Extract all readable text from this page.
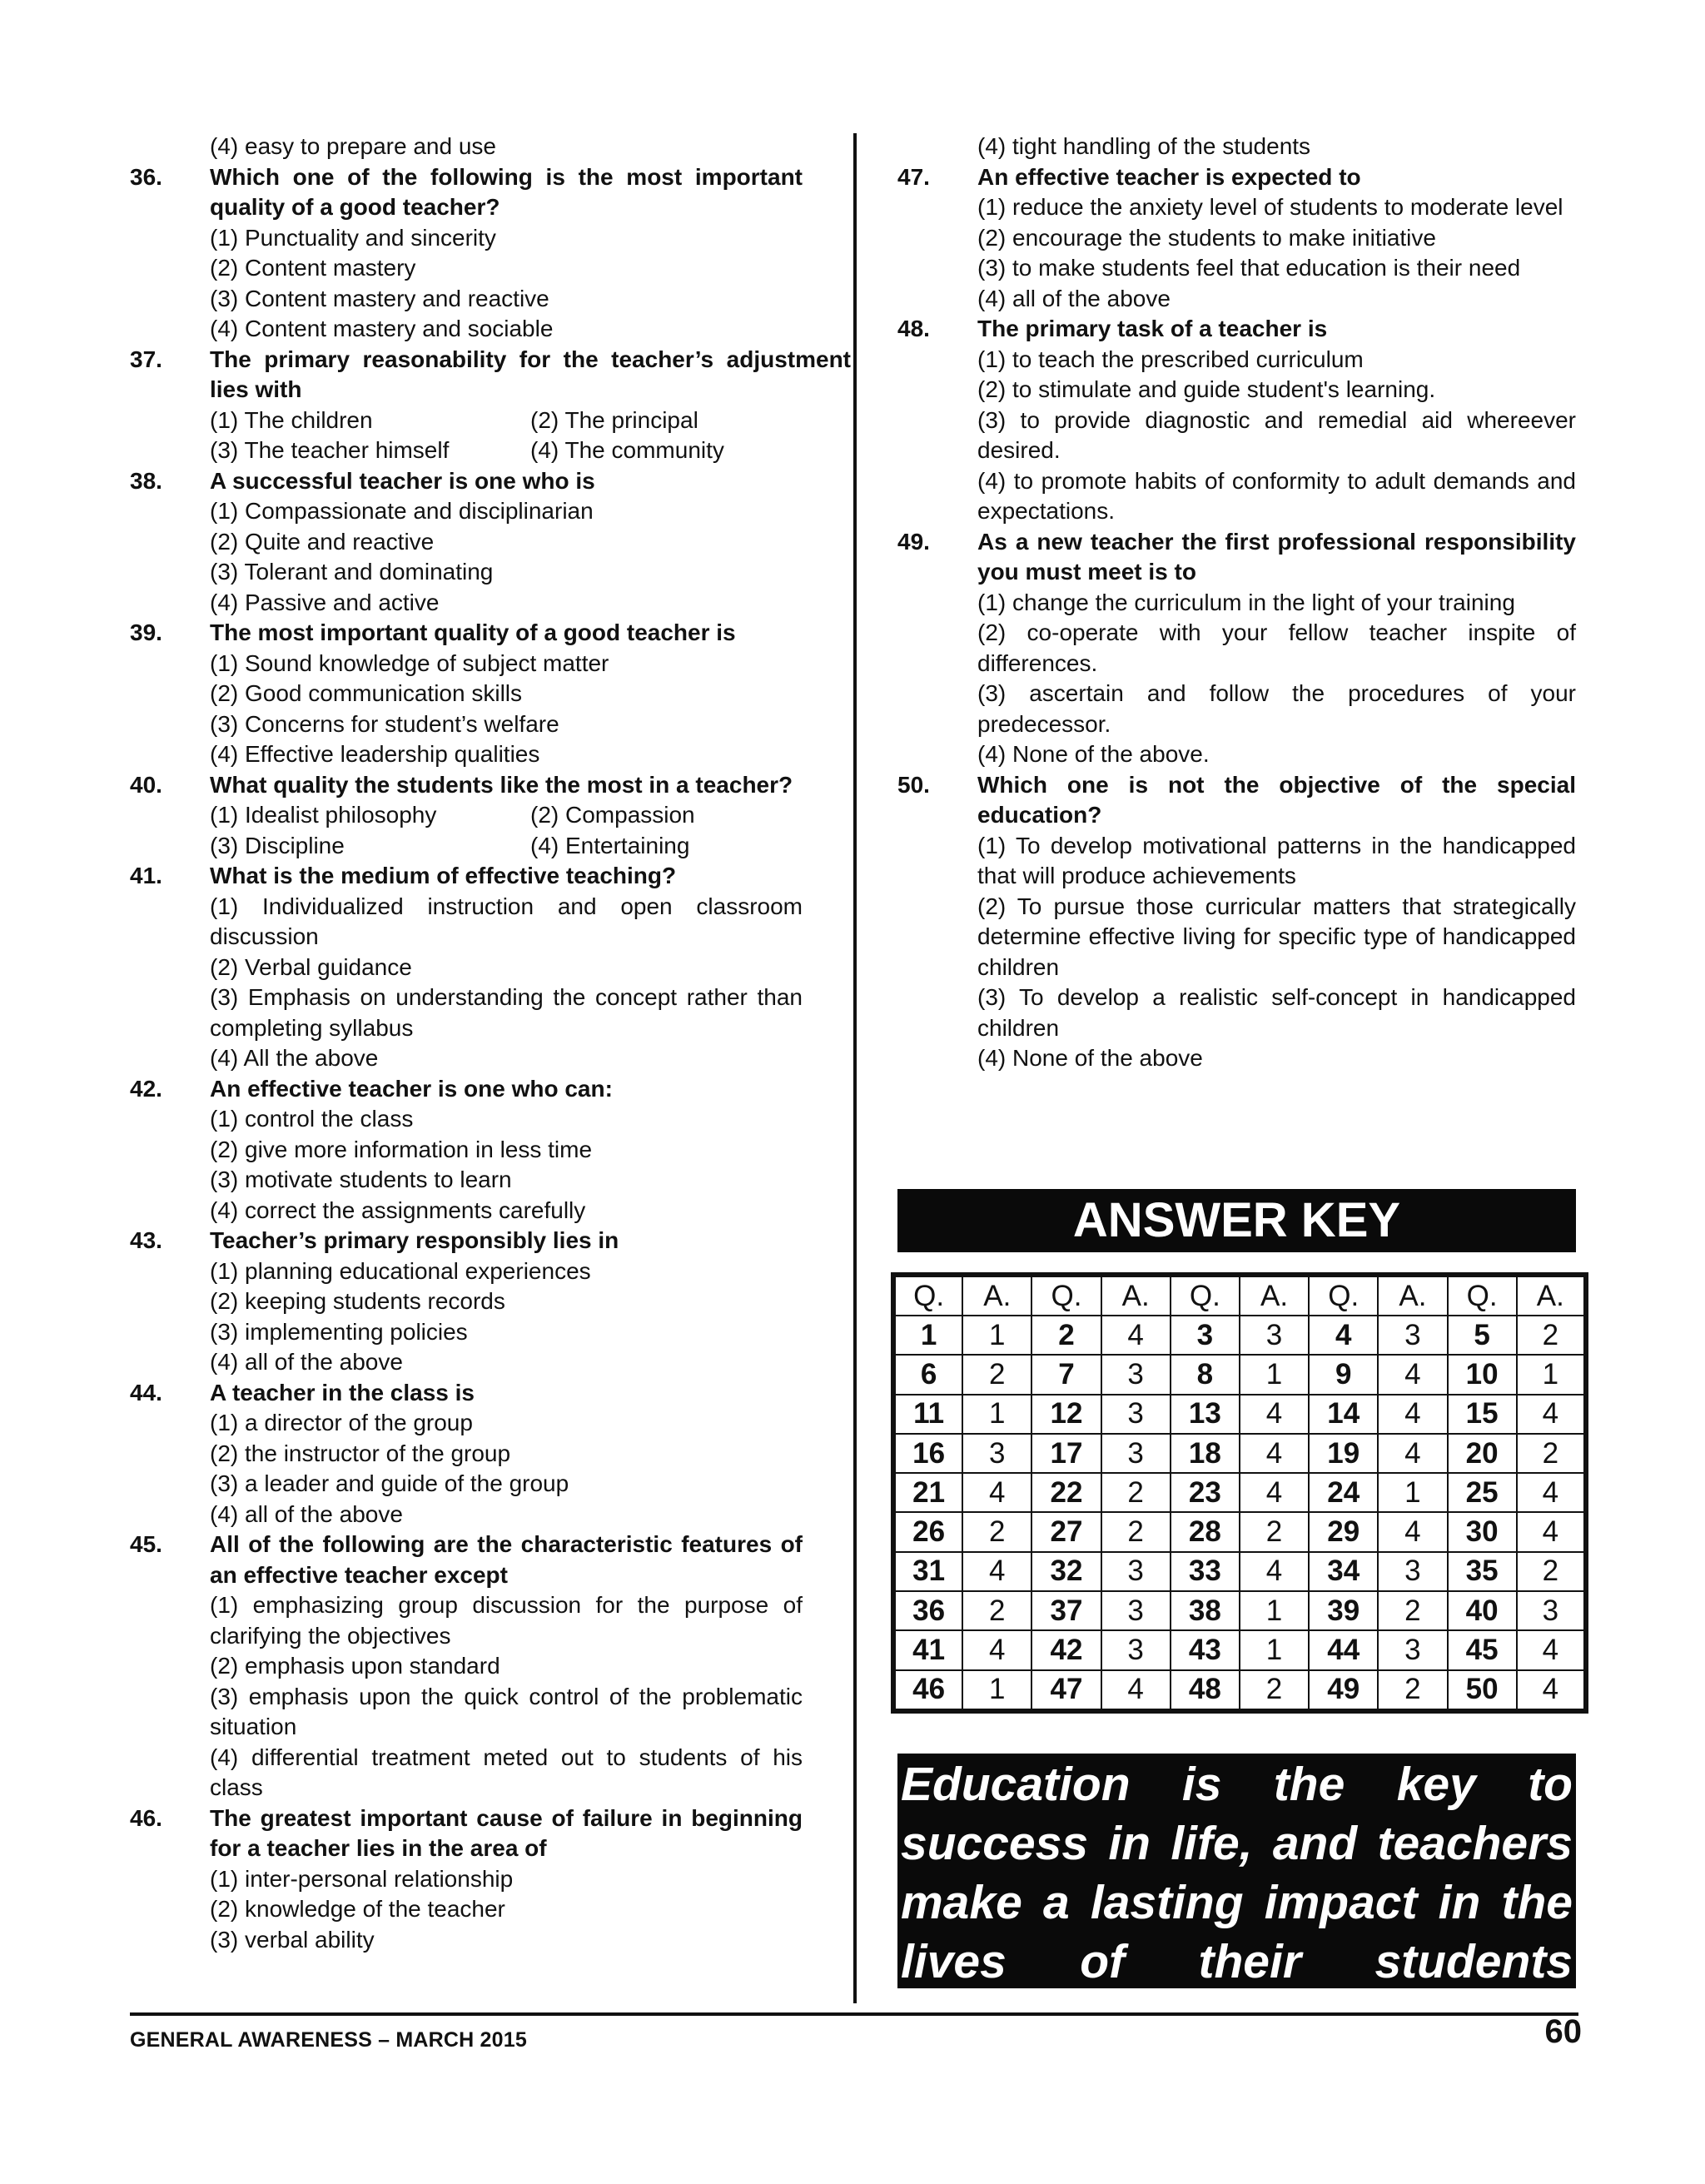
(4) easy to prepare and use
36.	Which one of the following is the most important quality of a good teacher?
(1) Punctuality and sincerity
(2) Content mastery
(3) Content mastery and reactive
(4) Content mastery and sociable
37.	The primary reasonability for the teacher’s adjustment lies with
(1) The children	(2) The principal
(3) The teacher himself	(4) The community
38.	A successful teacher is one who is
(1) Compassionate and disciplinarian
(2) Quite and reactive
(3) Tolerant and dominating
(4) Passive and active
39.	The most important quality of a good teacher is
(1) Sound knowledge of subject matter
(2) Good communication skills
(3) Concerns for student’s welfare
(4) Effective leadership qualities
40.	What quality the students like the most in a teacher?
(1) Idealist philosophy	(2) Compassion
(3) Discipline	(4) Entertaining
41.	What is the medium of effective teaching?
(1) Individualized instruction and open classroom discussion
(2) Verbal guidance
(3) Emphasis on understanding the concept rather than completing syllabus
(4) All the above
42.	An effective teacher is one who can:
(1) control the class
(2) give more information in less time
(3) motivate students to learn
(4) correct the assignments carefully
43.	Teacher’s primary responsibly lies in
(1) planning educational experiences
(2) keeping students records
(3) implementing policies
(4) all of the above
44.	A teacher in the class is
(1) a director of the group
(2) the instructor of the group
(3) a leader and guide of the group
(4) all of the above
45.	All of the following are the characteristic features of an effective teacher except
(1) emphasizing group discussion for the purpose of clarifying the objectives
(2) emphasis upon standard
(3) emphasis upon the quick control of the problematic situation
(4) differential treatment meted out to students of his class
46.	The greatest important cause of failure in beginning for a teacher lies in the area of
(1) inter-personal relationship
(2) knowledge of the teacher
(3) verbal ability
(4) tight handling of the students
47.	An effective teacher is expected to
(1) reduce the anxiety level of students to moderate level
(2) encourage the students to make initiative
(3) to make students feel that education is their need
(4) all of the above
48.	The primary task of a teacher is
(1) to teach the prescribed curriculum
(2) to stimulate and guide student's learning.
(3) to provide diagnostic and remedial aid whereever desired.
(4) to promote habits of conformity to adult demands and expectations.
49.	As a new teacher the first professional responsibility you must meet is to
(1) change the curriculum in the light of your training
(2) co-operate with your fellow teacher inspite of differences.
(3) ascertain and follow the procedures of your predecessor.
(4) None of the above.
50.	Which one is not the objective of the special education?
(1) To develop motivational patterns in the handicapped that will produce achievements
(2) To pursue those curricular matters that strategically determine effective living for specific type of handicapped children
(3) To develop a realistic self-concept in handicapped children
(4) None of the above
ANSWER KEY
Q.	A.	Q.	A.	Q.	A.	Q.	A.	Q.	A.
1	1	2	4	3	3	4	3	5	2
6	2	7	3	8	1	9	4	10	1
11	1	12	3	13	4	14	4	15	4
16	3	17	3	18	4	19	4	20	2
21	4	22	2	23	4	24	1	25	4
26	2	27	2	28	2	29	4	30	4
31	4	32	3	33	4	34	3	35	2
36	2	37	3	38	1	39	2	40	3
41	4	42	3	43	1	44	3	45	4
46	1	47	4	48	2	49	2	50	4
Education is the key to success in life, and teachers make a lasting impact in the lives of their students
GENERAL AWARENESS – MARCH 2015	60
